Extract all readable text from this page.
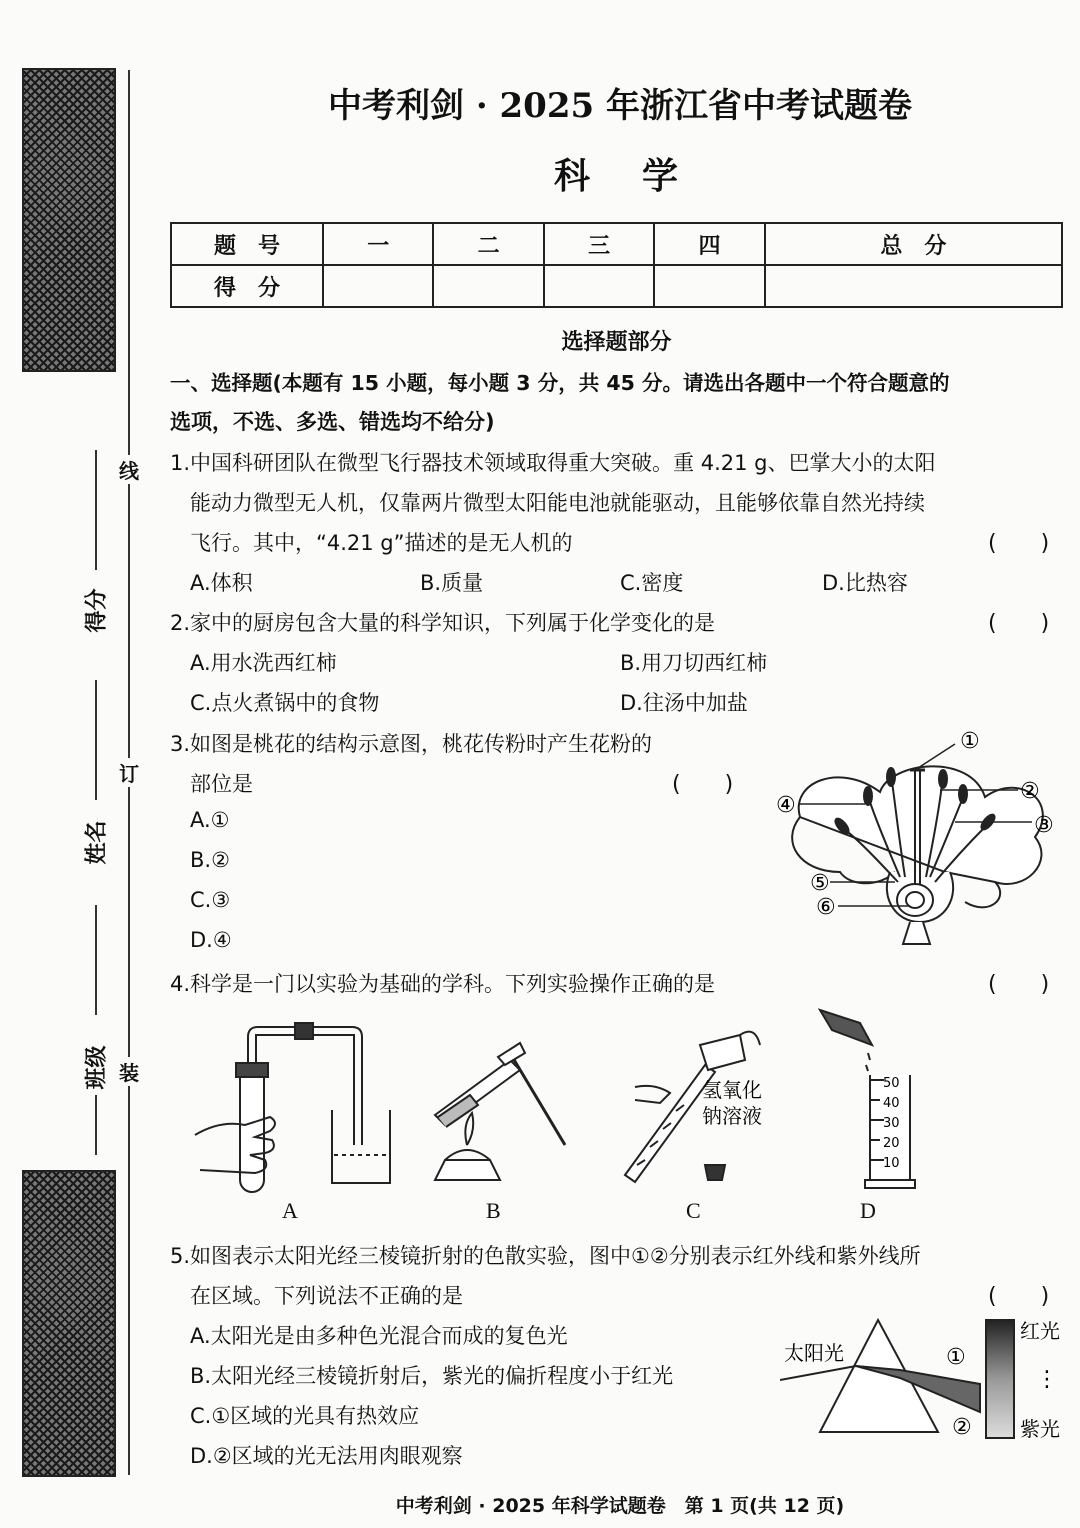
得分
姓名
班级
线
订
装
中考利剑 · 2025 年浙江省中考试题卷
科　学
题　号	一	二	三	四	总　分
得　分					
选择题部分
一、选择题(本题有 15 小题，每小题 3 分，共 45 分。请选出各题中一个符合题意的
选项，不选、多选、错选均不给分)
1.中国科研团队在微型飞行器技术领域取得重大突破。重 4.21 g、巴掌大小的太阳
能动力微型无人机，仅靠两片微型太阳能电池就能驱动，且能够依靠自然光持续
飞行。其中，“4.21 g”描述的是无人机的	(　　)
A.体积	B.质量	C.密度	D.比热容
2.家中的厨房包含大量的科学知识，下列属于化学变化的是	(　　)
A.用水洗西红柿	B.用刀切西红柿
C.点火煮锅中的食物	D.往汤中加盐
3.如图是桃花的结构示意图，桃花传粉时产生花粉的
部位是	(　　)
A.①
B.②
C.③
D.④
①
②
③
④
⑤
⑥
4.科学是一门以实验为基础的学科。下列实验操作正确的是	(　　)
氢氧化
钠溶液
50
40
30
20
10
A	B	C	D
5.如图表示太阳光经三棱镜折射的色散实验，图中①②分别表示红外线和紫外线所
在区域。下列说法不正确的是	(　　)
A.太阳光是由多种色光混合而成的复色光
B.太阳光经三棱镜折射后，紫光的偏折程度小于红光
C.①区域的光具有热效应
D.②区域的光无法用肉眼观察
太阳光	①
②
红光
⋮
紫光
中考利剑 · 2025 年科学试题卷　第 1 页(共 12 页)
